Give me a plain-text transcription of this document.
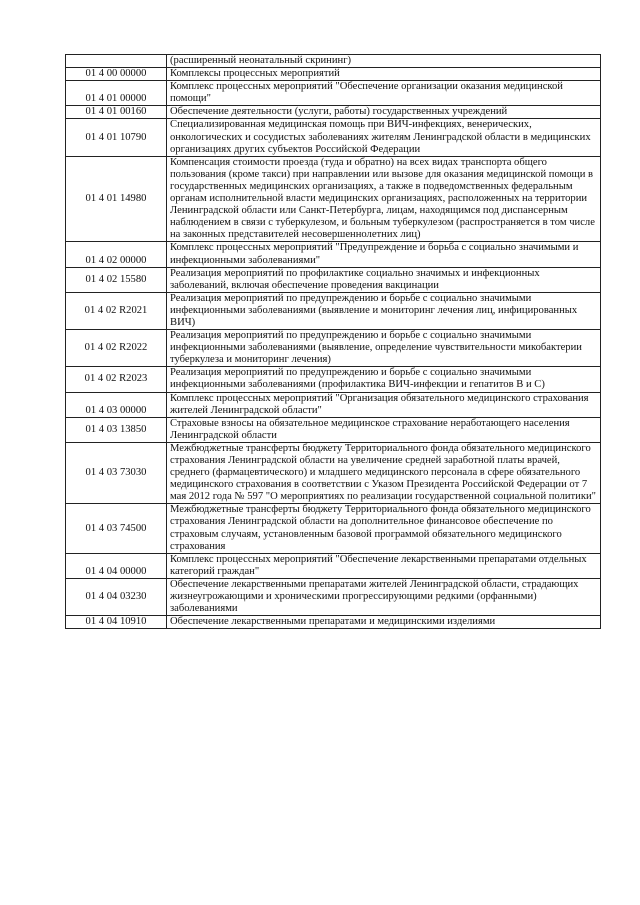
	(расширенный неонатальный скрининг)
01 4 00 00000	Комплексы процессных мероприятий
01 4 01 00000	Комплекс процессных мероприятий "Обеспечение организации оказания медицинской помощи"
01 4 01 00160	Обеспечение деятельности (услуги, работы) государственных учреждений
01 4 01 10790	Специализированная медицинская помощь при ВИЧ-инфекциях, венерических, онкологических и сосудистых заболеваниях жителям Ленинградской области в медицинских организациях других субъектов Российской Федерации
01 4 01 14980	Компенсация стоимости проезда (туда и обратно) на всех видах транспорта общего пользования (кроме такси) при направлении или вызове для оказания медицинской помощи в государственных медицинских организациях, а также в подведомственных федеральным органам исполнительной власти медицинских организациях, расположенных на территории Ленинградской области или Санкт-Петербурга, лицам, находящимся под диспансерным наблюдением в связи с туберкулезом, и больным туберкулезом (распространяется в том числе на законных представителей несовершеннолетних лиц)
01 4 02 00000	Комплекс процессных мероприятий "Предупреждение и борьба с социально значимыми и инфекционными заболеваниями"
01 4 02 15580	Реализация мероприятий по профилактике социально значимых и инфекционных заболеваний, включая обеспечение проведения вакцинации
01 4 02 R2021	Реализация мероприятий по предупреждению и борьбе с социально значимыми инфекционными заболеваниями (выявление и мониторинг лечения лиц, инфицированных ВИЧ)
01 4 02 R2022	Реализация мероприятий по предупреждению и борьбе с социально значимыми инфекционными заболеваниями (выявление, определение чувствительности микобактерии туберкулеза и мониторинг лечения)
01 4 02 R2023	Реализация мероприятий по предупреждению и борьбе с социально значимыми инфекционными заболеваниями (профилактика ВИЧ-инфекции и гепатитов В и С)
01 4 03 00000	Комплекс процессных мероприятий "Организация обязательного медицинского страхования жителей Ленинградской области"
01 4 03 13850	Страховые взносы на обязательное медицинское страхование неработающего населения Ленинградской области
01 4 03 73030	Межбюджетные трансферты бюджету Территориального фонда обязательного медицинского страхования Ленинградской области на увеличение средней заработной платы врачей, среднего (фармацевтического) и младшего медицинского персонала в сфере обязательного медицинского страхования в соответствии с Указом Президента Российской Федерации от 7 мая 2012 года № 597 "О мероприятиях по реализации государственной социальной политики"
01 4 03 74500	Межбюджетные трансферты бюджету Территориального фонда обязательного медицинского страхования Ленинградской области на дополнительное финансовое обеспечение по страховым случаям, установленным базовой программой обязательного медицинского страхования
01 4 04 00000	Комплекс процессных мероприятий "Обеспечение лекарственными препаратами отдельных категорий граждан"
01 4 04 03230	Обеспечение лекарственными препаратами жителей Ленинградской области, страдающих жизнеугрожающими и хроническими прогрессирующими редкими (орфанными) заболеваниями
01 4 04 10910	Обеспечение лекарственными препаратами и медицинскими изделиями
